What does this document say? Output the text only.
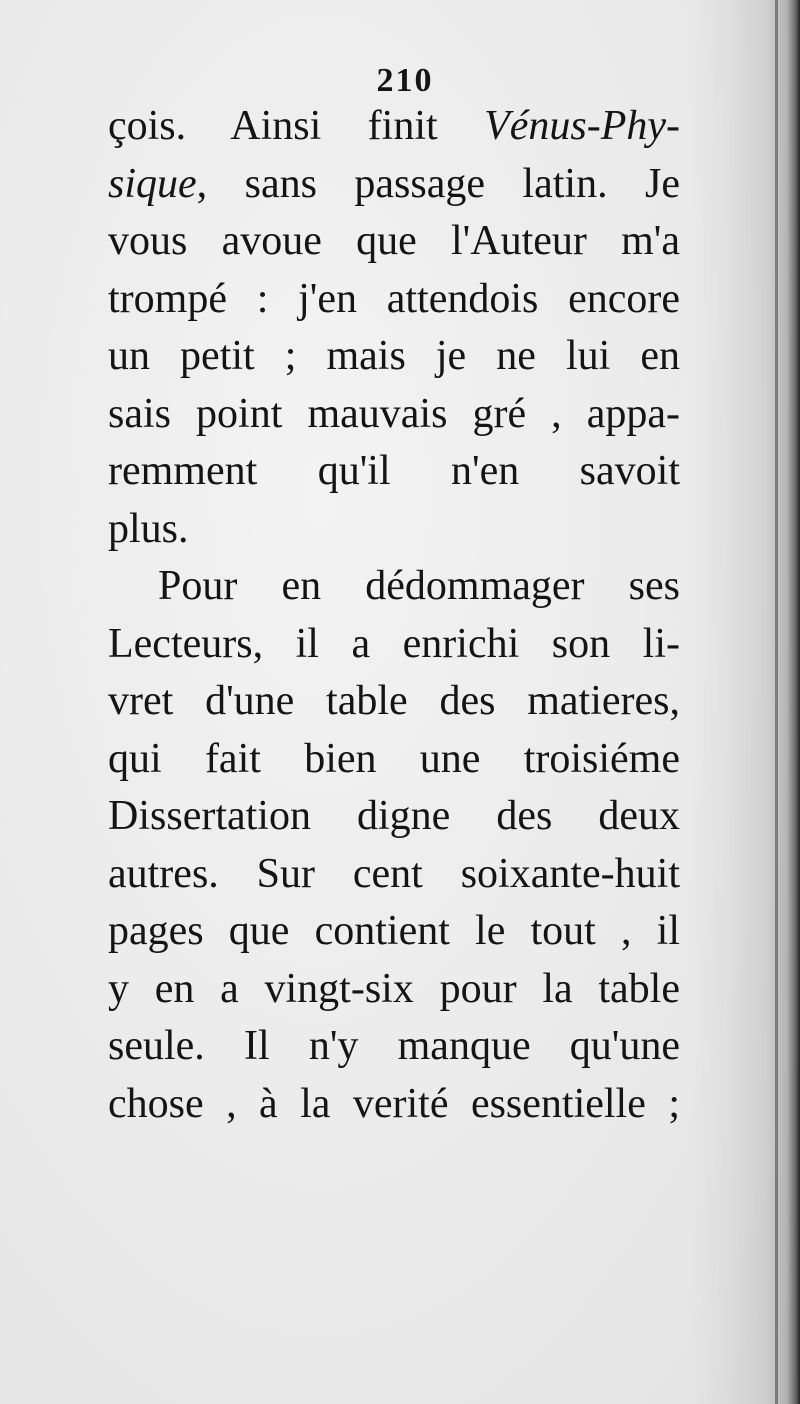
210
çois. Ainsi finit Vénus-Phy-
sique, sans passage latin. Je
vous avoue que l'Auteur m'a
trompé : j'en attendois encore
un petit ; mais je ne lui en
sais point mauvais gré , appa-
remment qu'il n'en savoit
plus.
Pour en dédommager ses
Lecteurs, il a enrichi son li-
vret d'une table des matieres,
qui fait bien une troisiéme
Dissertation digne des deux
autres. Sur cent soixante-huit
pages que contient le tout , il
y en a vingt-six pour la table
seule. Il n'y manque qu'une
chose , à la verité essentielle ;
